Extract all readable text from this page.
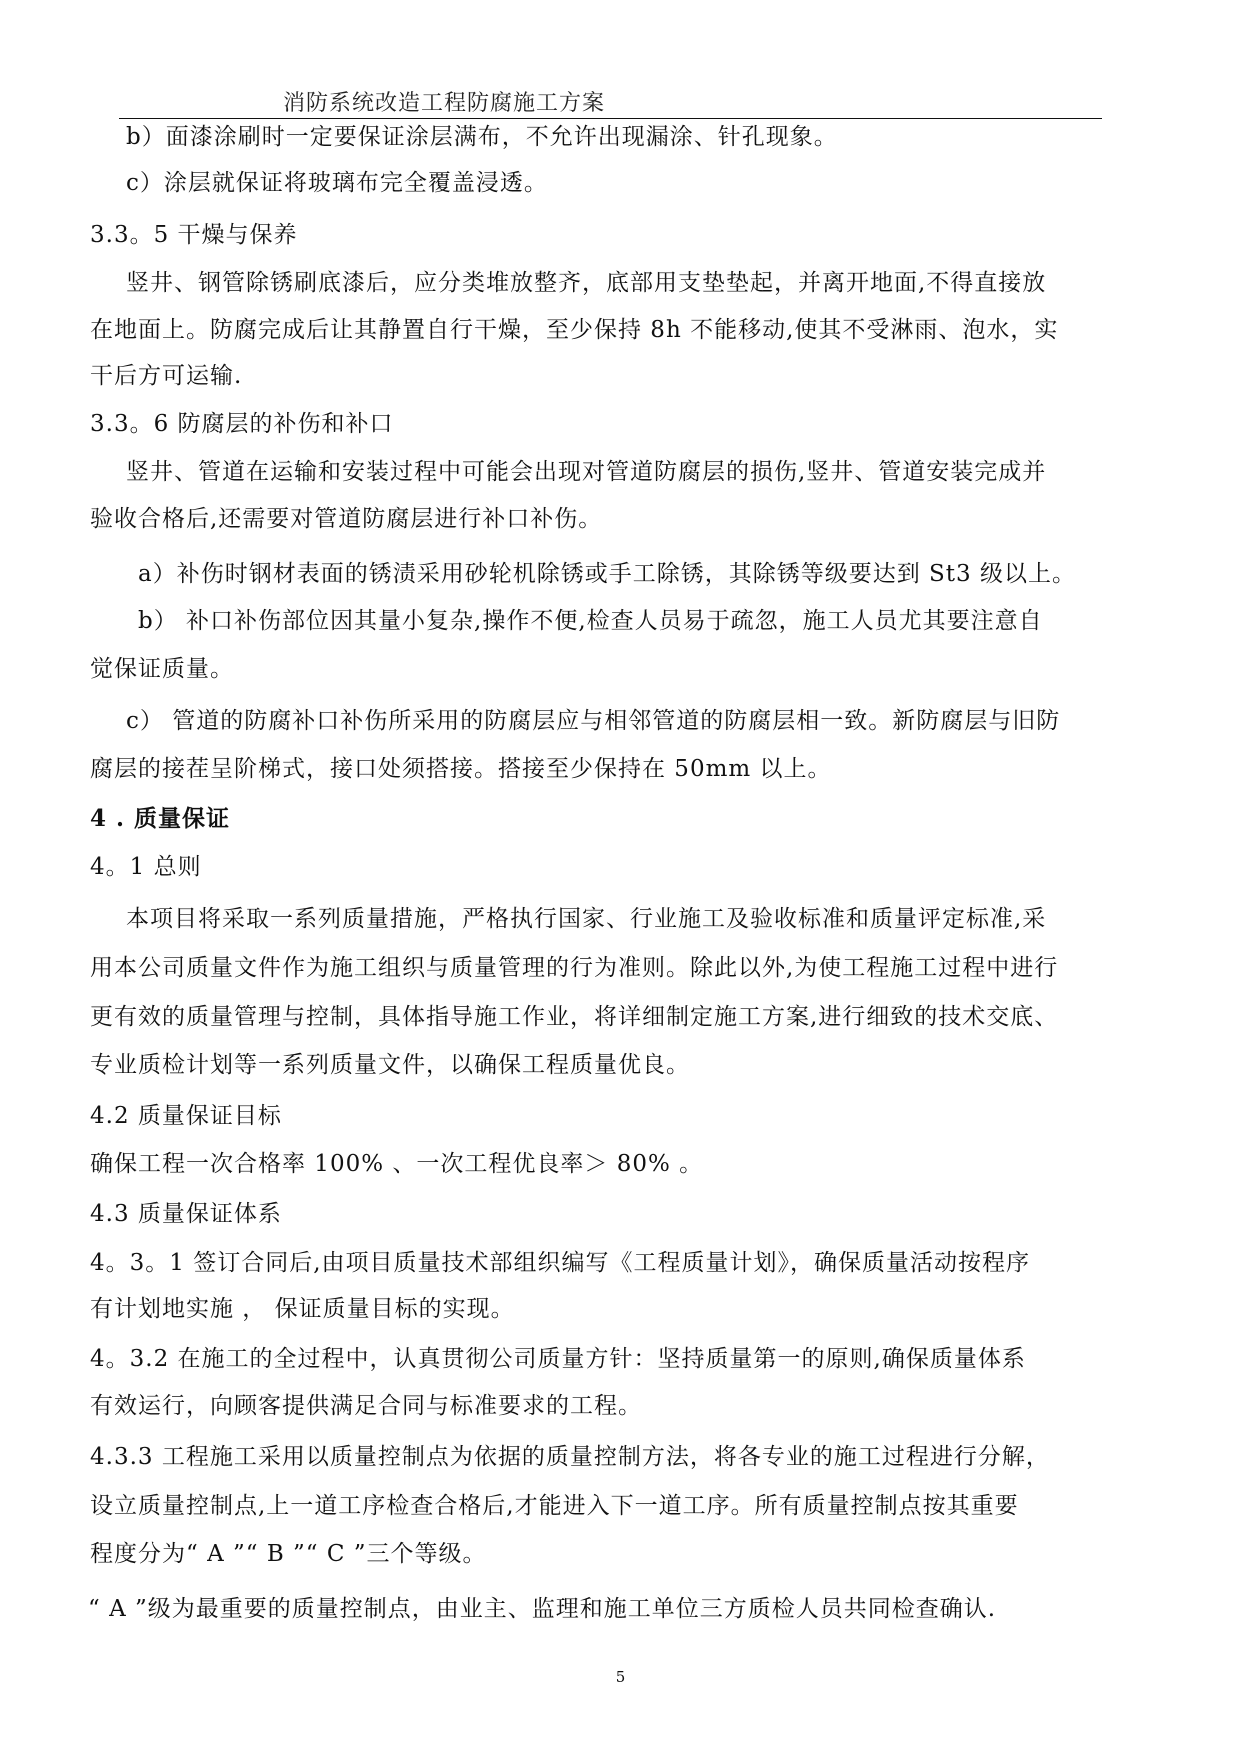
消防系统改造工程防腐施工方案
b）面漆涂刷时一定要保证涂层满布，不允许出现漏涂、针孔现象。
c）涂层就保证将玻璃布完全覆盖浸透。
3.3。5 干燥与保养
竖井、钢管除锈刷底漆后，应分类堆放整齐，底部用支垫垫起，并离开地面,不得直接放
在地面上。防腐完成后让其静置自行干燥，至少保持 8h 不能移动,使其不受淋雨、泡水，实
干后方可运输.
3.3。6 防腐层的补伤和补口
竖井、管道在运输和安装过程中可能会出现对管道防腐层的损伤,竖井、管道安装完成并
验收合格后,还需要对管道防腐层进行补口补伤。
a）补伤时钢材表面的锈渍采用砂轮机除锈或手工除锈，其除锈等级要达到 St3 级以上。
b） 补口补伤部位因其量小复杂,操作不便,检查人员易于疏忽，施工人员尤其要注意自
觉保证质量。
c） 管道的防腐补口补伤所采用的防腐层应与相邻管道的防腐层相一致。新防腐层与旧防
腐层的接茬呈阶梯式，接口处须搭接。搭接至少保持在 50mm 以上。
4 . 质量保证
4。1 总则
本项目将采取一系列质量措施，严格执行国家、行业施工及验收标准和质量评定标准,采
用本公司质量文件作为施工组织与质量管理的行为准则。除此以外,为使工程施工过程中进行
更有效的质量管理与控制，具体指导施工作业，将详细制定施工方案,进行细致的技术交底、
专业质检计划等一系列质量文件，以确保工程质量优良。
4.2 质量保证目标
确保工程一次合格率 100% 、一次工程优良率＞ 80% 。
4.3 质量保证体系
4。3。1 签订合同后,由项目质量技术部组织编写《工程质量计划》，确保质量活动按程序
有计划地实施 ， 保证质量目标的实现。
4。3.2 在施工的全过程中，认真贯彻公司质量方针：坚持质量第一的原则,确保质量体系
有效运行，向顾客提供满足合同与标准要求的工程。
4.3.3 工程施工采用以质量控制点为依据的质量控制方法，将各专业的施工过程进行分解，
设立质量控制点,上一道工序检查合格后,才能进入下一道工序。所有质量控制点按其重要
程度分为“ A ”“ B ”“ C ”三个等级。
“ A ”级为最重要的质量控制点，由业主、监理和施工单位三方质检人员共同检查确认.
5
